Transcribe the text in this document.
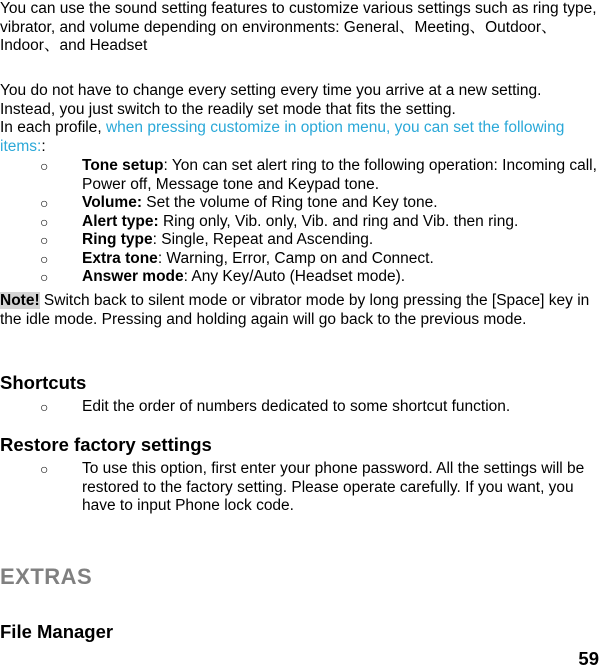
You can use the sound setting features to customize various settings such as ring type, vibrator, and volume depending on environments: General、Meeting、Outdoor、Indoor、and Headset

You do not have to change every setting every time you arrive at a new setting. Instead, you just switch to the readily set mode that fits the setting.

In each profile, when pressing customize in option menu, you can set the following items::

○ Tone setup: Yon can set alert ring to the following operation: Incoming call, Power off, Message tone and Keypad tone.
○ Volume: Set the volume of Ring tone and Key tone.
○ Alert type: Ring only, Vib. only, Vib. and ring and Vib. then ring.
○ Ring type: Single, Repeat and Ascending.
○ Extra tone: Warning, Error, Camp on and Connect.
○ Answer mode: Any Key/Auto (Headset mode).

Note! Switch back to silent mode or vibrator mode by long pressing the [Space] key in the idle mode. Pressing and holding again will go back to the previous mode.

Shortcuts
○ Edit the order of numbers dedicated to some shortcut function.
Restore factory settings
○ To use this option, first enter your phone password. All the settings will be restored to the factory setting. Please operate carefully. If you want, you have to input Phone lock code.
EXTRAS
File Manager
59
